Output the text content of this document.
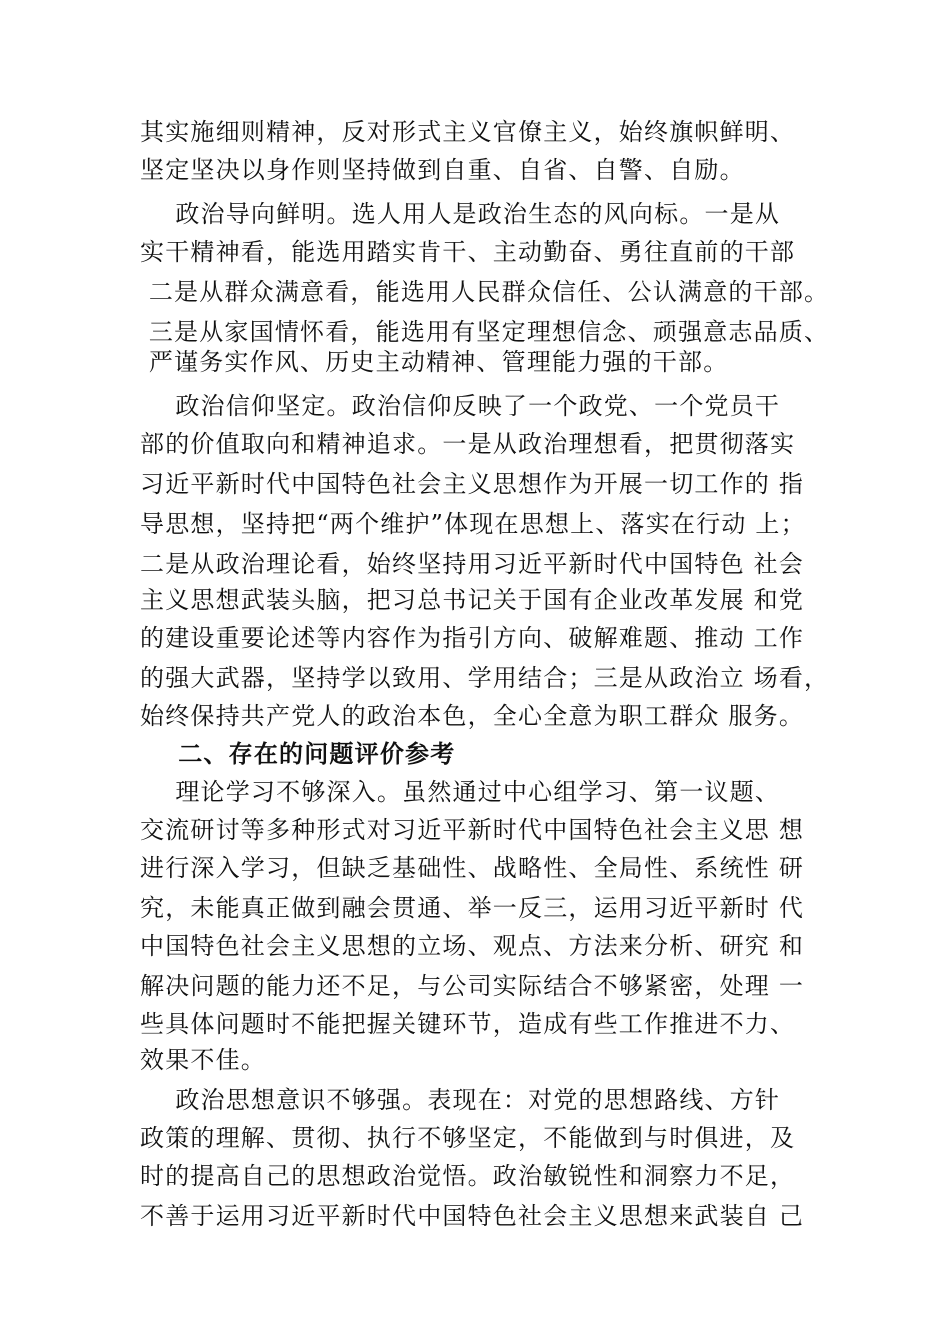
其实施细则精神，反对形式主义官僚主义，始终旗帜鲜明、
坚定坚决以身作则坚持做到自重、自省、自警、自励。
政治导向鲜明。选人用人是政治生态的风向标。一是从
实干精神看，能选用踏实肯干、主动勤奋、勇往直前的干部
二是从群众满意看，能选用人民群众信任、公认满意的干部。
三是从家国情怀看，能选用有坚定理想信念、顽强意志品质、
严谨务实作风、历史主动精神、管理能力强的干部。
政治信仰坚定。政治信仰反映了一个政党、一个党员干
部的价值取向和精神追求。一是从政治理想看，把贯彻落实
习近平新时代中国特色社会主义思想作为开展一切工作的 指
导思想，坚持把“两个维护”体现在思想上、落实在行动 上；
二是从政治理论看，始终坚持用习近平新时代中国特色 社会
主义思想武装头脑，把习总书记关于国有企业改革发展 和党
的建设重要论述等内容作为指引方向、破解难题、推动 工作
的强大武器，坚持学以致用、学用结合；三是从政治立 场看，
始终保持共产党人的政治本色，全心全意为职工群众 服务。
二、存在的问题评价参考
理论学习不够深入。虽然通过中心组学习、第一议题、
交流研讨等多种形式对习近平新时代中国特色社会主义思 想
进行深入学习，但缺乏基础性、战略性、全局性、系统性 研
究，未能真正做到融会贯通、举一反三，运用习近平新时 代
中国特色社会主义思想的立场、观点、方法来分析、研究 和
解决问题的能力还不足，与公司实际结合不够紧密，处理 一
些具体问题时不能把握关键环节，造成有些工作推进不力、
效果不佳。
政治思想意识不够强。表现在：对党的思想路线、方针
政策的理解、贯彻、执行不够坚定，不能做到与时俱进，及
时的提高自己的思想政治觉悟。政治敏锐性和洞察力不足，
不善于运用习近平新时代中国特色社会主义思想来武装自 己
